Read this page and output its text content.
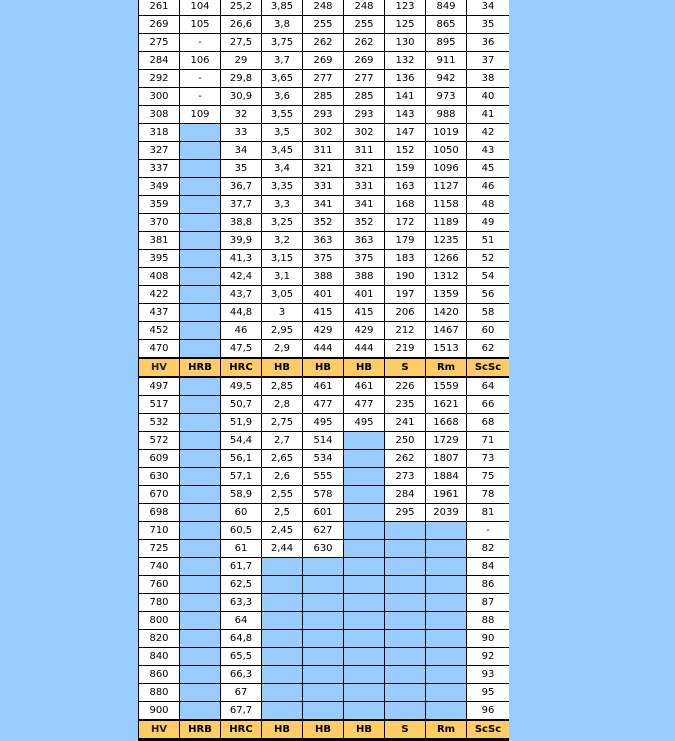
261	104	25,2	3,85	248	248	123	849	34
269	105	26,6	3,8	255	255	125	865	35
275	-	27,5	3,75	262	262	130	895	36
284	106	29	3,7	269	269	132	911	37
292	-	29,8	3,65	277	277	136	942	38
300	-	30,9	3,6	285	285	141	973	40
308	109	32	3,55	293	293	143	988	41
318		33	3,5	302	302	147	1019	42
327		34	3,45	311	311	152	1050	43
337		35	3,4	321	321	159	1096	45
349		36,7	3,35	331	331	163	1127	46
359		37,7	3,3	341	341	168	1158	48
370		38,8	3,25	352	352	172	1189	49
381		39,9	3,2	363	363	179	1235	51
395		41,3	3,15	375	375	183	1266	52
408		42,4	3,1	388	388	190	1312	54
422		43,7	3,05	401	401	197	1359	56
437		44,8	3	415	415	206	1420	58
452		46	2,95	429	429	212	1467	60
470		47,5	2,9	444	444	219	1513	62
HV	HRB	HRC	HB	HB	HB	S	Rm	ScSc
497		49,5	2,85	461	461	226	1559	64
517		50,7	2,8	477	477	235	1621	66
532		51,9	2,75	495	495	241	1668	68
572		54,4	2,7	514		250	1729	71
609		56,1	2,65	534		262	1807	73
630		57,1	2,6	555		273	1884	75
670		58,9	2,55	578		284	1961	78
698		60	2,5	601		295	2039	81
710		60,5	2,45	627				-
725		61	2,44	630				82
740		61,7						84
760		62,5						86
780		63,3						87
800		64						88
820		64,8						90
840		65,5						92
860		66,3						93
880		67						95
900		67,7						96
HV	HRB	HRC	HB	HB	HB	S	Rm	ScSc
